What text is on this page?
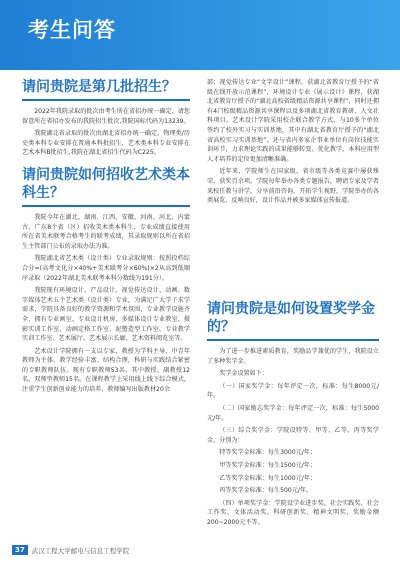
考生问答
请问贵院是第几批招生？

2022年我院录取的批次由考生所在省招办统一确定，请您留意所在省招办发布的我院招生批次,我院国标代码为13239。

我院湖北省录取的批次由湖北省招办统一确定，物理类/历史类本科专业安排在普通本科批招生，艺术类本科专业安排在艺术本科B批招生,我院在湖北省招生代码为C225。

请问贵院如何招收艺术类本科生？

我院今年在湖北、湖南、江西、安徽、河南、河北、内蒙古、广东8个省（区）招收美术类本科生，专业成绩直接使用所在省美术联考合格考生的联考成绩，其录取规则以所在省招生主管部门公布的录取办法为准。

我院湖北省艺术类（设计类）专业录取规则：按照投档综合分=(高考文化分×40%+美术联考分×60%)×2从高到低顺序录取（2022年湖北美术联考本科分数线为191分）。

我院现有环境设计、产品设计、视觉传达设计、动画、数字媒体艺术五个艺术类（设计类）专业，为满足广大学子求学需求，学院具备良好的教学资源和学术氛围，专业教学设施齐全，拥有专业画室、专业设计机房、多媒体设计专业教室、摄影实训工作室、动画定格工作室、泥塑造型工作室、专业教学实训工作室、艺术展厅、艺术展示长廊、艺术资料阅览室等。

艺术设计学院拥有一支以专家、教授为学科主导，中青年教师为主体，教学经验丰富、结构合理，科研与实践结合紧密的专职教师队伍。现有专职教师53名，其中教授、副教授12名，双师型教师15名。在课程教学上采用线上线下综合模式，注重学生创新创业能力的培养，教师编写出版教材20余

部；视觉传达专业“文字设计”课程，获湖北省教育厅授予的“省级在线开放示范课程”，环境设计专业《展示设计》课程，获湖北省教育厅授予的“湖北高校省级精品资源共享课程”，同时还拥有4门校级精品资源共享课程以及多项湖北省教育教研、人文社科项目。艺术设计学院采用校企联合教学方式，与10多个单位签约了校外实习与实训基地，其中有湖北省教育厅授予的“湖北省高校实习实训基地”。还与省内多家企事业单位有岗位技能实训环节，力求理论实践的成果能够转变、优化教学，本科应用型人才培养的定位更加清晰准确。

近年来，学院师生在国家级、省市级等各类竞赛中屡获殊荣，获奖百余项。学院每年举办各类专题报告，聘请专家及学者来校任教与讲学，分享前沿咨询，开拓学生视野，学院举办的各类展览、反响良好，设计作品并被多家媒体宣传报道。

请问贵院是如何设置奖学金的？

为了进一步推进素质教育，奖励品学兼优的学生，我院设立了多种奖学金。

奖学金设置如下：

（一）国家奖学金：每年评定一次，标准：每生8000元/年。

（二）国家励志奖学金：每年评定一次，标准：每生5000元/年。

（三）综合奖学金：学院设特等、甲等、乙等、丙等奖学金，分别为：

特等奖学金标准：每生3000元/年；

甲等奖学金标准：每生1500元/年；

乙等奖学金标准：每生1000元/年；

丙等奖学金标准：每生500元/年。

（四）单项奖学金：学院设学业进步奖、社会实践奖、社会工作奖、文体活动奖、科研创新奖、精神文明奖，奖励金额200~2000元不等。

37	武汉工程大学邮电与信息工程学院
